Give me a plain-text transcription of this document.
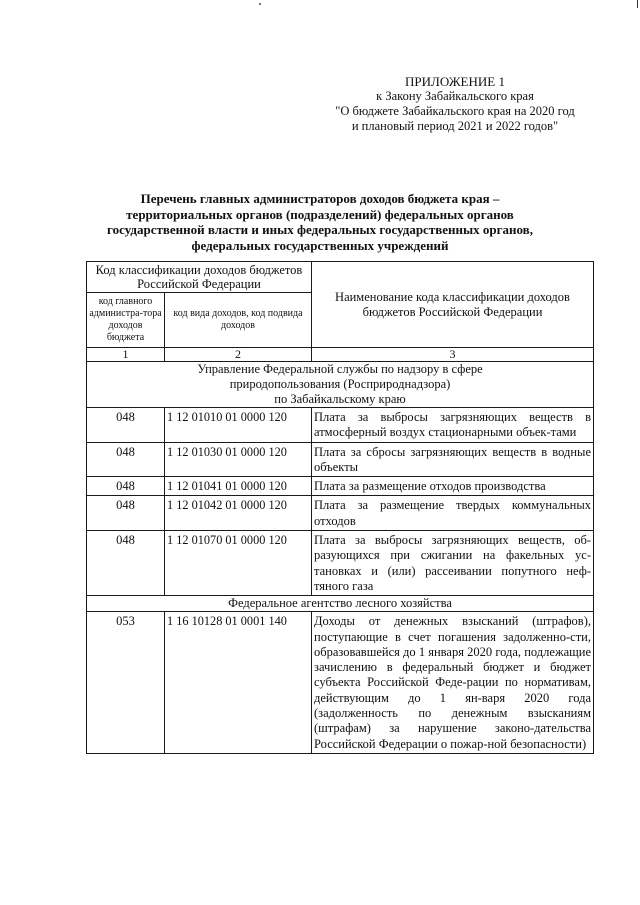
ПРИЛОЖЕНИЕ 1
к Закону Забайкальского края
"О бюджете Забайкальского края на 2020 год
и плановый период 2021 и 2022 годов"
Перечень главных администраторов доходов бюджета края –
территориальных органов (подразделений) федеральных органов
государственной власти и иных федеральных государственных органов,
федеральных государственных учреждений
Код классификации доходов бюджетов Российской Федерации		Наименование кода классификации доходов бюджетов Российской Федерации
код главного администра-тора доходов бюджета	код вида доходов, код подвида доходов	
1	2	3

Управление Федеральной службы по надзору в сфере
природопользования (Росприроднадзора)
по Забайкальскому краю		

048	1 12 01010 01 0000 120	Плата за выбросы загрязняющих веществ в атмосферный воздух стационарными объек-тами
048	1 12 01030 01 0000 120	Плата за сбросы загрязняющих веществ в водные объекты
048	1 12 01041 01 0000 120	Плата за размещение отходов производства
048	1 12 01042 01 0000 120	Плата за размещение твердых коммунальных отходов
048	1 12 01070 01 0000 120	Плата за выбросы загрязняющих веществ, об-разующихся при сжигании на факельных ус-тановках и (или) рассеивании попутного неф-тяного газа

Федеральное агентство лесного хозяйства		

053	1 16 10128 01 0001 140	Доходы от денежных взысканий (штрафов), поступающие в счет погашения задолженно-сти, образовавшейся до 1 января 2020 года, подлежащие зачислению в федеральный бюджет и бюджет субъекта Российской Феде-рации по нормативам, действующим до 1 ян-варя 2020 года (задолженность по денежным взысканиям (штрафам) за нарушение законо-дательства Российской Федерации о пожар-ной безопасности)
